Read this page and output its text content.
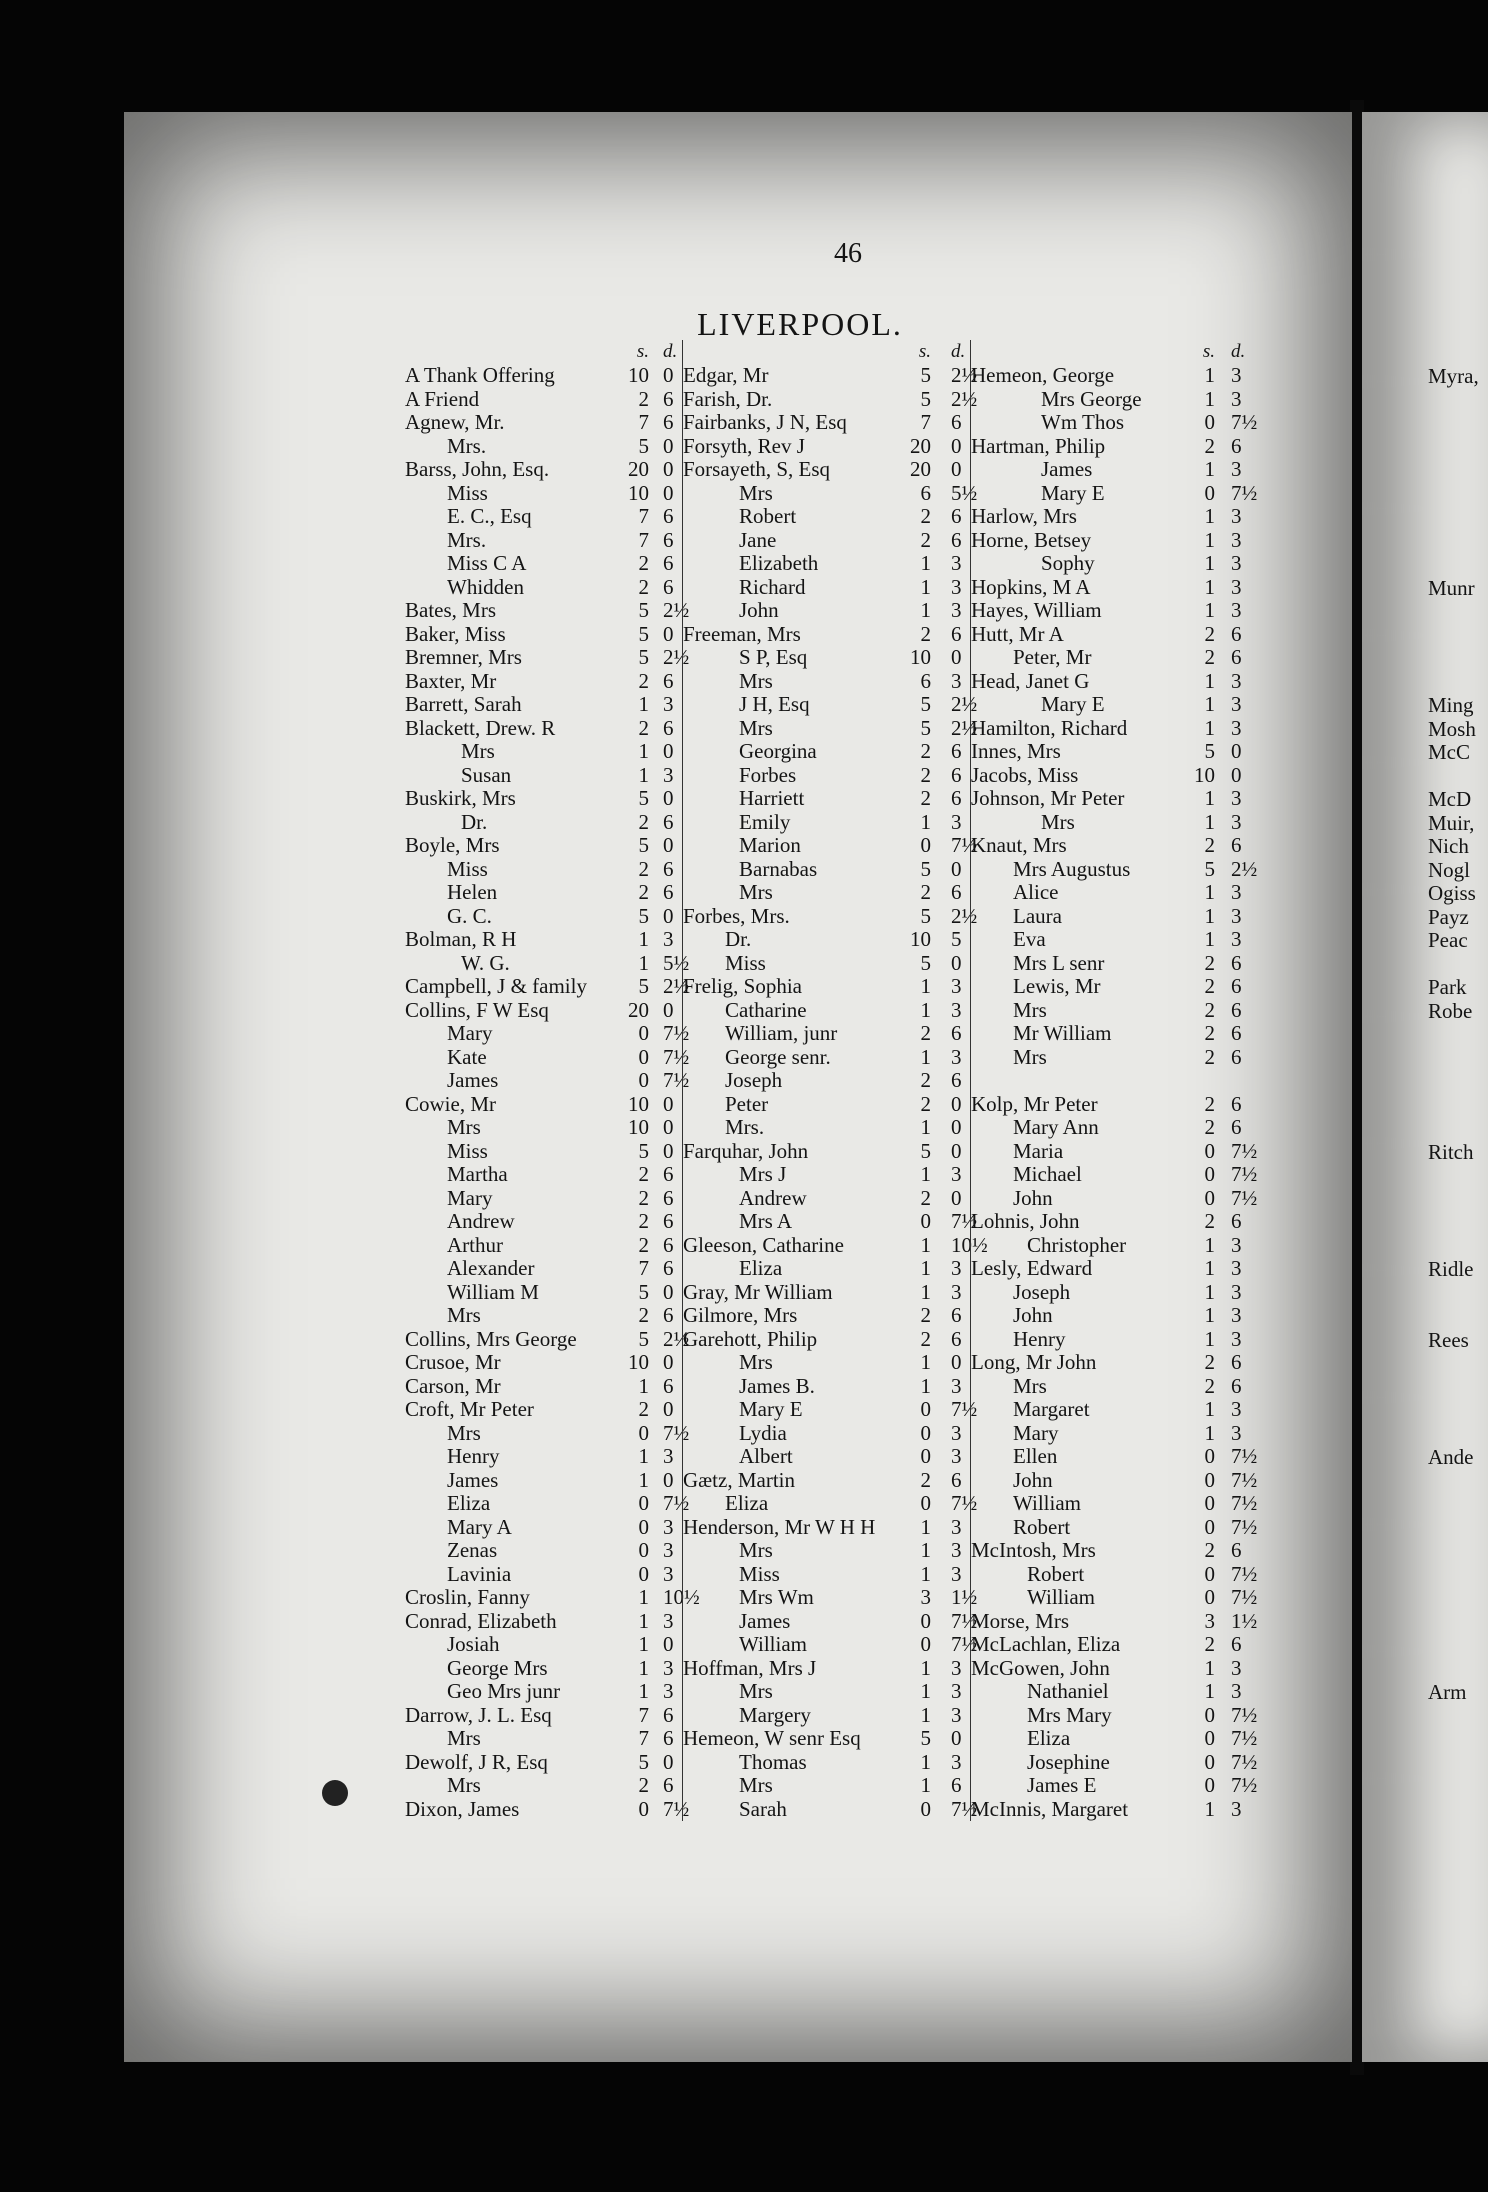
46
LIVERPOOL.
s. d.
A Thank Offering	10 0
A Friend	2 6
Agnew, Mr.	7 6
Mrs.	5 0
Barss, John, Esq.	20 0
Miss	10 0
E. C., Esq	7 6
Mrs.	7 6
Miss C A	2 6
Whidden	2 6
Bates, Mrs	5 2½
Baker, Miss	5 0
Bremner, Mrs	5 2½
Baxter, Mr	2 6
Barrett, Sarah	1 3
Blackett, Drew. R	2 6
Mrs	1 0
Susan	1 3
Buskirk, Mrs	5 0
Dr.	2 6
Boyle, Mrs	5 0
Miss	2 6
Helen	2 6
G. C.	5 0
Bolman, R H	1 3
W. G.	1 5½
Campbell, J & family	5 2½
Collins, F W Esq	20 0
Mary	0 7½
Kate	0 7½
James	0 7½
Cowie, Mr	10 0
Mrs	10 0
Miss	5 0
Martha	2 6
Mary	2 6
Andrew	2 6
Arthur	2 6
Alexander	7 6
William M	5 0
Mrs	2 6
Collins, Mrs George	5 2½
Crusoe, Mr	10 0
Carson, Mr	1 6
Croft, Mr Peter	2 0
Mrs	0 7½
Henry	1 3
James	1 0
Eliza	0 7½
Mary A	0 3
Zenas	0 3
Lavinia	0 3
Croslin, Fanny	1 10½
Conrad, Elizabeth	1 3
Josiah	1 0
George Mrs	1 3
Geo Mrs junr	1 3
Darrow, J. L. Esq	7 6
Mrs	7 6
Dewolf, J R, Esq	5 0
Mrs	2 6
Dixon, James	0 7½
s. d.
Edgar, Mr	5 2½
Farish, Dr.	5 2½
Fairbanks, J N, Esq	7 6
Forsyth, Rev J	20 0
Forsayeth, S, Esq	20 0
Mrs	6 5½
Robert	2 6
Jane	2 6
Elizabeth	1 3
Richard	1 3
John	1 3
Freeman, Mrs	2 6
S P, Esq	10 0
Mrs	6 3
J H, Esq	5 2½
Mrs	5 2½
Georgina	2 6
Forbes	2 6
Harriett	2 6
Emily	1 3
Marion	0 7½
Barnabas	5 0
Mrs	2 6
Forbes, Mrs.	5 2½
Dr.	10 5
Miss	5 0
Frelig, Sophia	1 3
Catharine	1 3
William, junr	2 6
George senr.	1 3
Joseph	2 6
Peter	2 0
Mrs.	1 0
Farquhar, John	5 0
Mrs J	1 3
Andrew	2 0
Mrs A	0 7½
Gleeson, Catharine	1 10½
Eliza	1 3
Gray, Mr William	1 3
Gilmore, Mrs	2 6
Garehott, Philip	2 6
Mrs	1 0
James B.	1 3
Mary E	0 7½
Lydia	0 3
Albert	0 3
Gætz, Martin	2 6
Eliza	0 7½
Henderson, Mr W H H	1 3
Mrs	1 3
Miss	1 3
Mrs Wm	3 1½
James	0 7½
William	0 7½
Hoffman, Mrs J	1 3
Mrs	1 3
Margery	1 3
Hemeon, W senr Esq	5 0
Thomas	1 3
Mrs	1 6
Sarah	0 7½
s. d.
Hemeon, George	1 3
Mrs George	1 3
Wm Thos	0 7½
Hartman, Philip	2 6
James	1 3
Mary E	0 7½
Harlow, Mrs	1 3
Horne, Betsey	1 3
Sophy	1 3
Hopkins, M A	1 3
Hayes, William	1 3
Hutt, Mr A	2 6
Peter, Mr	2 6
Head, Janet G	1 3
Mary E	1 3
Hamilton, Richard	1 3
Innes, Mrs	5 0
Jacobs, Miss	10 0
Johnson, Mr Peter	1 3
Mrs	1 3
Knaut, Mrs	2 6
Mrs Augustus	5 2½
Alice	1 3
Laura	1 3
Eva	1 3
Mrs L senr	2 6
Lewis, Mr	2 6
Mrs	2 6
Mr William	2 6
Mrs	2 6
Kolp, Mr Peter	2 6
Mary Ann	2 6
Maria	0 7½
Michael	0 7½
John	0 7½
Lohnis, John	2 6
Christopher	1 3
Lesly, Edward	1 3
Joseph	1 3
John	1 3
Henry	1 3
Long, Mr John	2 6
Mrs	2 6
Margaret	1 3
Mary	1 3
Ellen	0 7½
John	0 7½
William	0 7½
Robert	0 7½
McIntosh, Mrs	2 6
Robert	0 7½
William	0 7½
Morse, Mrs	3 1½
McLachlan, Eliza	2 6
McGowen, John	1 3
Nathaniel	1 3
Mrs Mary	0 7½
Eliza	0 7½
Josephine	0 7½
James E	0 7½
McInnis, Margaret	1 3
Myra,
Munr
Ming
Mosh
McC
McD
Muir,
Nich
Nogl
Ogiss
Payz
Peac
Park
Robe
Ritch
Ridle
Rees
Ande
Arm
